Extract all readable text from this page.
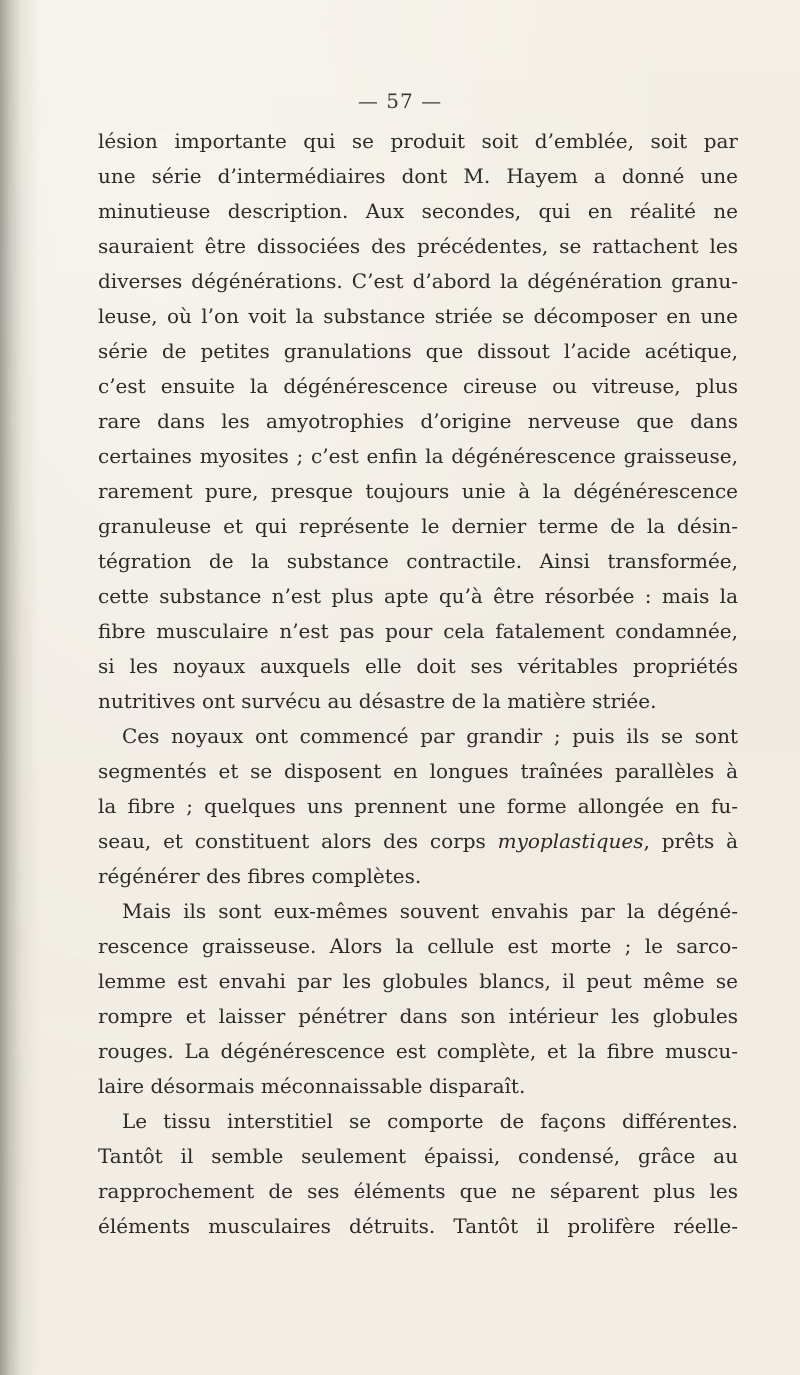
— 57 —
lésion importante qui se produit soit d’emblée, soit par
une série d’intermédiaires dont M. Hayem a donné une
minutieuse description. Aux secondes, qui en réalité ne
sauraient être dissociées des précédentes, se rattachent les
diverses dégénérations. C’est d’abord la dégénération granu-
leuse, où l’on voit la substance striée se décomposer en une
série de petites granulations que dissout l’acide acétique,
c’est ensuite la dégénérescence cireuse ou vitreuse, plus
rare dans les amyotrophies d’origine nerveuse que dans
certaines myosites ; c’est enfin la dégénérescence graisseuse,
rarement pure, presque toujours unie à la dégénérescence
granuleuse et qui représente le dernier terme de la désin-
tégration de la substance contractile. Ainsi transformée,
cette substance n’est plus apte qu’à être résorbée : mais la
fibre musculaire n’est pas pour cela fatalement condamnée,
si les noyaux auxquels elle doit ses véritables propriétés
nutritives ont survécu au désastre de la matière striée.
Ces noyaux ont commencé par grandir ; puis ils se sont
segmentés et se disposent en longues traînées parallèles à
la fibre ; quelques uns prennent une forme allongée en fu-
seau, et constituent alors des corps myoplastiques, prêts à
régénérer des fibres complètes.
Mais ils sont eux-mêmes souvent envahis par la dégéné-
rescence graisseuse. Alors la cellule est morte ; le sarco-
lemme est envahi par les globules blancs, il peut même se
rompre et laisser pénétrer dans son intérieur les globules
rouges. La dégénérescence est complète, et la fibre muscu-
laire désormais méconnaissable disparaît.
Le tissu interstitiel se comporte de façons différentes.
Tantôt il semble seulement épaissi, condensé, grâce au
rapprochement de ses éléments que ne séparent plus les
éléments musculaires détruits. Tantôt il prolifère réelle-
